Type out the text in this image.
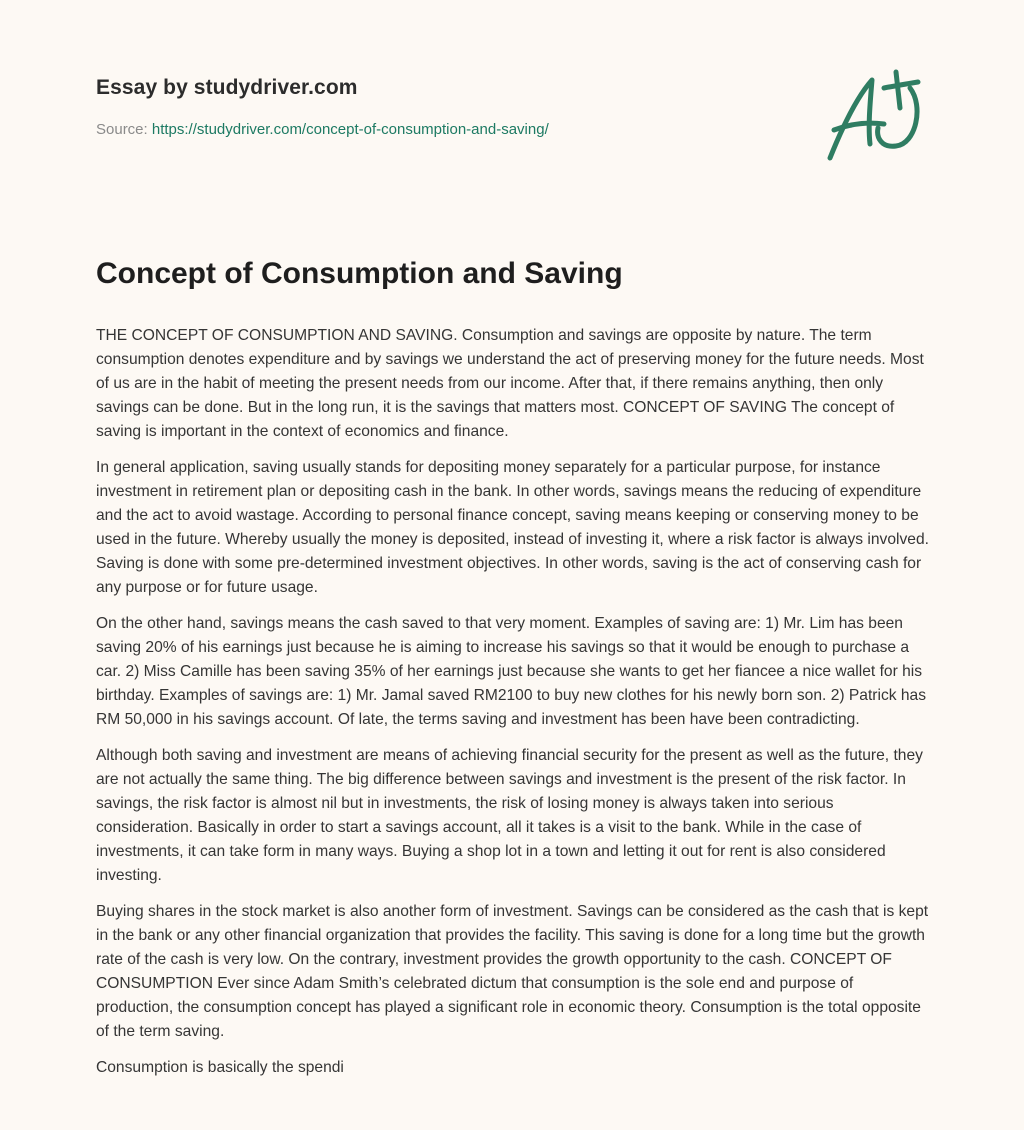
Essay by studydriver.com
Source: https://studydriver.com/concept-of-consumption-and-saving/
Concept of Consumption and Saving

THE CONCEPT OF CONSUMPTION AND SAVING. Consumption and savings are opposite by nature. The term consumption denotes expenditure and by savings we understand the act of preserving money for the future needs. Most of us are in the habit of meeting the present needs from our income. After that, if there remains anything, then only savings can be done. But in the long run, it is the savings that matters most. CONCEPT OF SAVING The concept of saving is important in the context of economics and finance.

In general application, saving usually stands for depositing money separately for a particular purpose, for instance investment in retirement plan or depositing cash in the bank. In other words, savings means the reducing of expenditure and the act to avoid wastage. According to personal finance concept, saving means keeping or conserving money to be used in the future. Whereby usually the money is deposited, instead of investing it, where a risk factor is always involved. Saving is done with some pre-determined investment objectives. In other words, saving is the act of conserving cash for any purpose or for future usage.

On the other hand, savings means the cash saved to that very moment. Examples of saving are: 1) Mr. Lim has been saving 20% of his earnings just because he is aiming to increase his savings so that it would be enough to purchase a car. 2) Miss Camille has been saving 35% of her earnings just because she wants to get her fiancee a nice wallet for his birthday. Examples of savings are: 1) Mr. Jamal saved RM2100 to buy new clothes for his newly born son. 2) Patrick has RM 50,000 in his savings account. Of late, the terms saving and investment has been have been contradicting.

Although both saving and investment are means of achieving financial security for the present as well as the future, they are not actually the same thing. The big difference between savings and investment is the present of the risk factor. In savings, the risk factor is almost nil but in investments, the risk of losing money is always taken into serious consideration. Basically in order to start a savings account, all it takes is a visit to the bank. While in the case of investments, it can take form in many ways. Buying a shop lot in a town and letting it out for rent is also considered investing.

Buying shares in the stock market is also another form of investment. Savings can be considered as the cash that is kept in the bank or any other financial organization that provides the facility. This saving is done for a long time but the growth rate of the cash is very low. On the contrary, investment provides the growth opportunity to the cash. CONCEPT OF CONSUMPTION Ever since Adam Smith’s celebrated dictum that consumption is the sole end and purpose of production, the consumption concept has played a significant role in economic theory. Consumption is the total opposite of the term saving.

Consumption is basically the spendi
